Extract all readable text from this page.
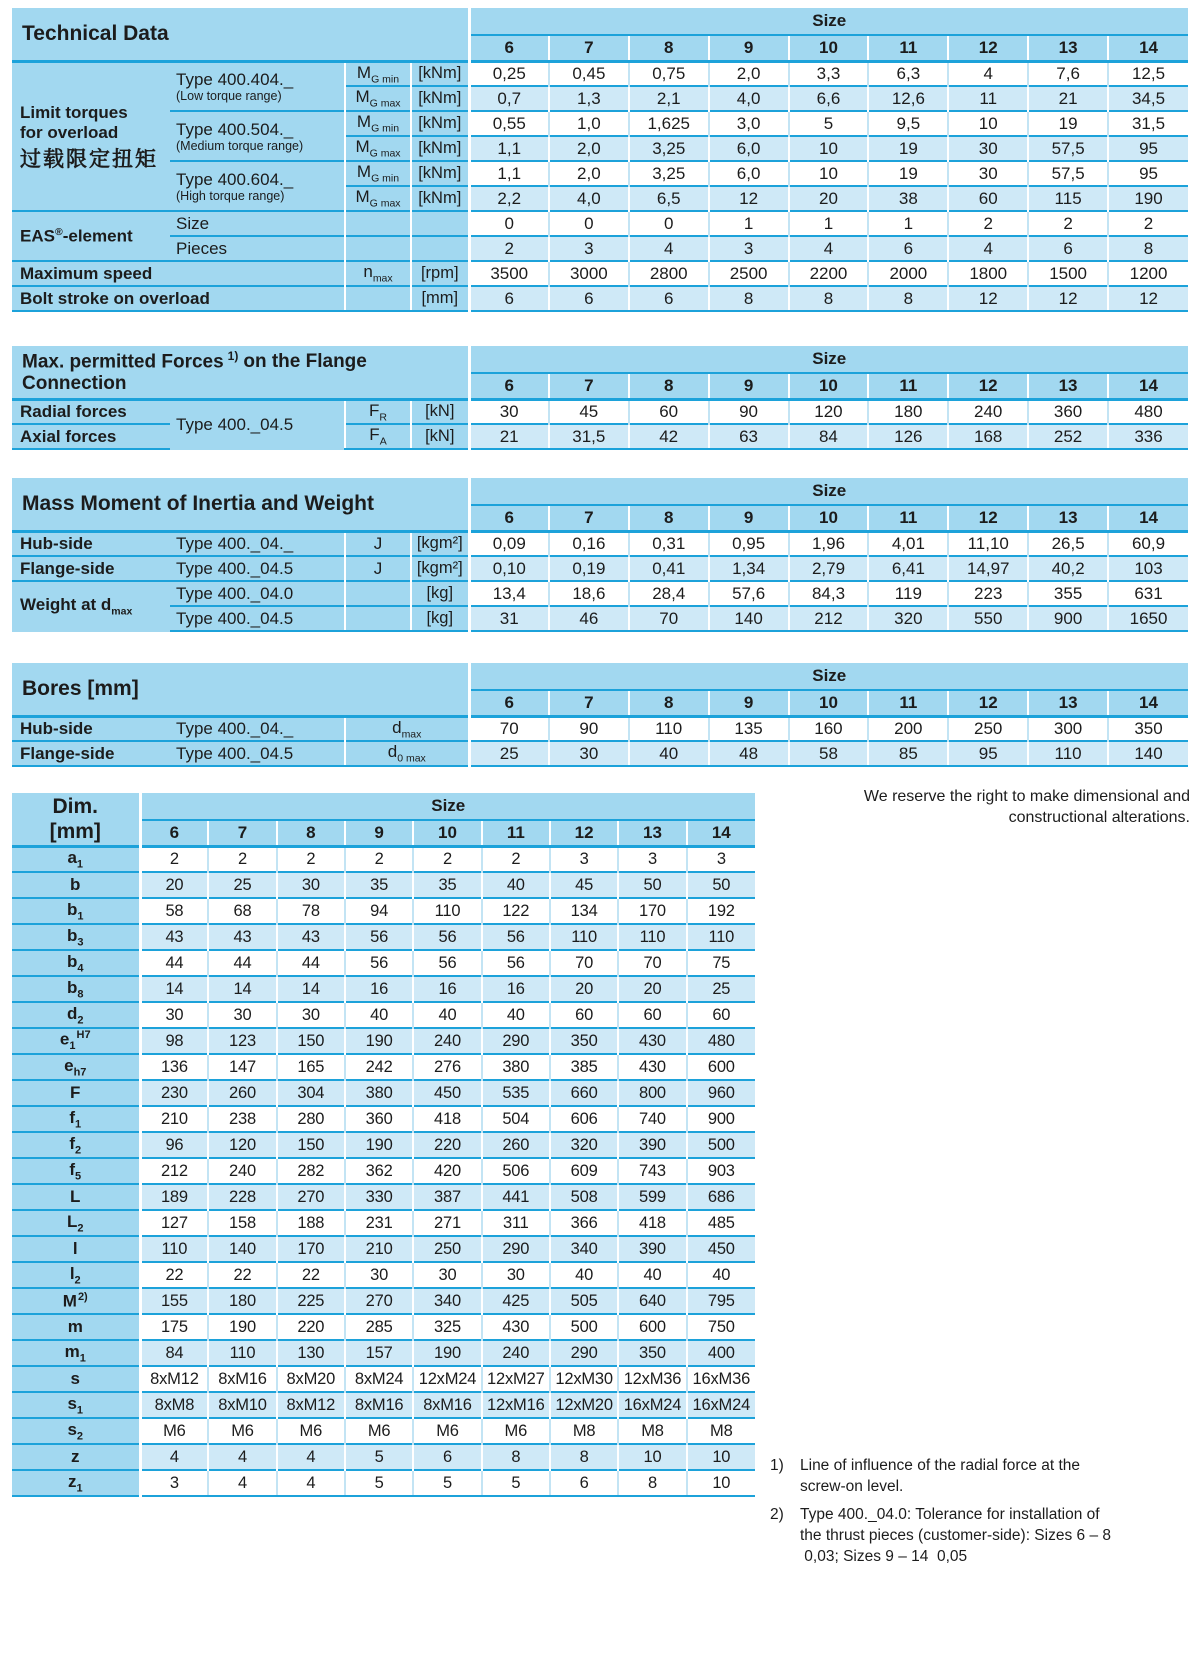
Technical Data				Size								
				6	7	8	9	10	11	12	13	14

Limit torques
for overload
过载限定扭矩	Type 400.404._
(Low torque range)	$M_{G min}$	[kNm]	0,25	0,45	0,75	2,0	3,3	6,3	4	7,6	12,5
		$M_{G max}$	[kNm]	0,7	1,3	2,1	4,0	6,6	12,6	11	21	34,5

	Type 400.504._
(Medium torque range)	$M_{G min}$	[kNm]	0,55	1,0	1,625	3,0	5	9,5	10	19	31,5
		$M_{G max}$	[kNm]	1,1	2,0	3,25	6,0	10	19	30	57,5	95

	Type 400.604._
(High torque range)	$M_{G min}$	[kNm]	1,1	2,0	3,25	6,0	10	19	30	57,5	95
		$M_{G max}$	[kNm]	2,2	4,0	6,5	12	20	38	60	115	190
EAS®-element	Size			0	0	0	1	1	1	2	2	2

	Pieces			2	3	4	3	4	6	4	6	8
Maximum speed		$n_{max}$	[rpm]	3500	3000	2800	2500	2200	2000	1800	1500	1200
Bolt stroke on overload			[mm]	6	6	6	8	8	8	12	12	12
Max. permitted Forces $^{1)}$ on the Flange Connection				Size								
				6	7	8	9	10	11	12	13	14
Radial forces	Type 400._04.5	$F_R$	[kN]	30	45	60	90	120	180	240	360	480
Axial forces		$F_A$	[kN]	21	31,5	42	63	84	126	168	252	336
Mass Moment of Inertia and Weight				Size								
				6	7	8	9	10	11	12	13	14
Hub-side	Type 400._04._	J	[kgm²]	0,09	0,16	0,31	0,95	1,96	4,01	11,10	26,5	60,9
Flange-side	Type 400._04.5	J	[kgm²]	0,10	0,19	0,41	1,34	2,79	6,41	14,97	40,2	103
Weight at $d_{max}$	Type 400._04.0		[kg]	13,4	18,6	28,4	57,6	84,3	119	223	355	631

	Type 400._04.5		[kg]	31	46	70	140	212	320	550	900	1650
Bores [mm]			Size								
			6	7	8	9	10	11	12	13	14
Hub-side	Type 400._04._	$d_{max}$	70	90	110	135	160	200	250	300	350
Flange-side	Type 400._04.5	$d_{0 max}$	25	30	40	48	58	85	95	110	140
Dim.
[mm]	Size								
	6	7	8	9	10	11	12	13	14
$a_1$	2	2	2	2	2	2	3	3	3
b	20	25	30	35	35	40	45	50	50
$b_1$	58	68	78	94	110	122	134	170	192
$b_3$	43	43	43	56	56	56	110	110	110
$b_4$	44	44	44	56	56	56	70	70	75
$b_8$	14	14	14	16	16	16	20	20	25
$d_2$	30	30	30	40	40	40	60	60	60
$e_1^{H7}$	98	123	150	190	240	290	350	430	480
$e_{h7}$	136	147	165	242	276	380	385	430	600
F	230	260	304	380	450	535	660	800	960
$f_1$	210	238	280	360	418	504	606	740	900
$f_2$	96	120	150	190	220	260	320	390	500
$f_5$	212	240	282	362	420	506	609	743	903
L	189	228	270	330	387	441	508	599	686
$L_2$	127	158	188	231	271	311	366	418	485
l	110	140	170	210	250	290	340	390	450
$l_2$	22	22	22	30	30	30	40	40	40
$M^{2)}$	155	180	225	270	340	425	505	640	795
m	175	190	220	285	325	430	500	600	750
$m_1$	84	110	130	157	190	240	290	350	400
s	8xM12	8xM16	8xM20	8xM24	12xM24	12xM27	12xM30	12xM36	16xM36
$s_1$	8xM8	8xM10	8xM12	8xM16	8xM16	12xM16	12xM20	16xM24	16xM24
$s_2$	M6	M6	M6	M6	M6	M6	M8	M8	M8
z	4	4	4	5	6	8	8	10	10
$z_1$	3	4	4	5	5	5	6	8	10
We reserve the right to make dimensional and constructional alterations.
1)	Line of influence of the radial force at the screw-on level.
2)	Type 400._04.0: Tolerance for installation of the thrust pieces (customer-side): Sizes 6 – 8  0,03; Sizes 9 – 14  0,05
